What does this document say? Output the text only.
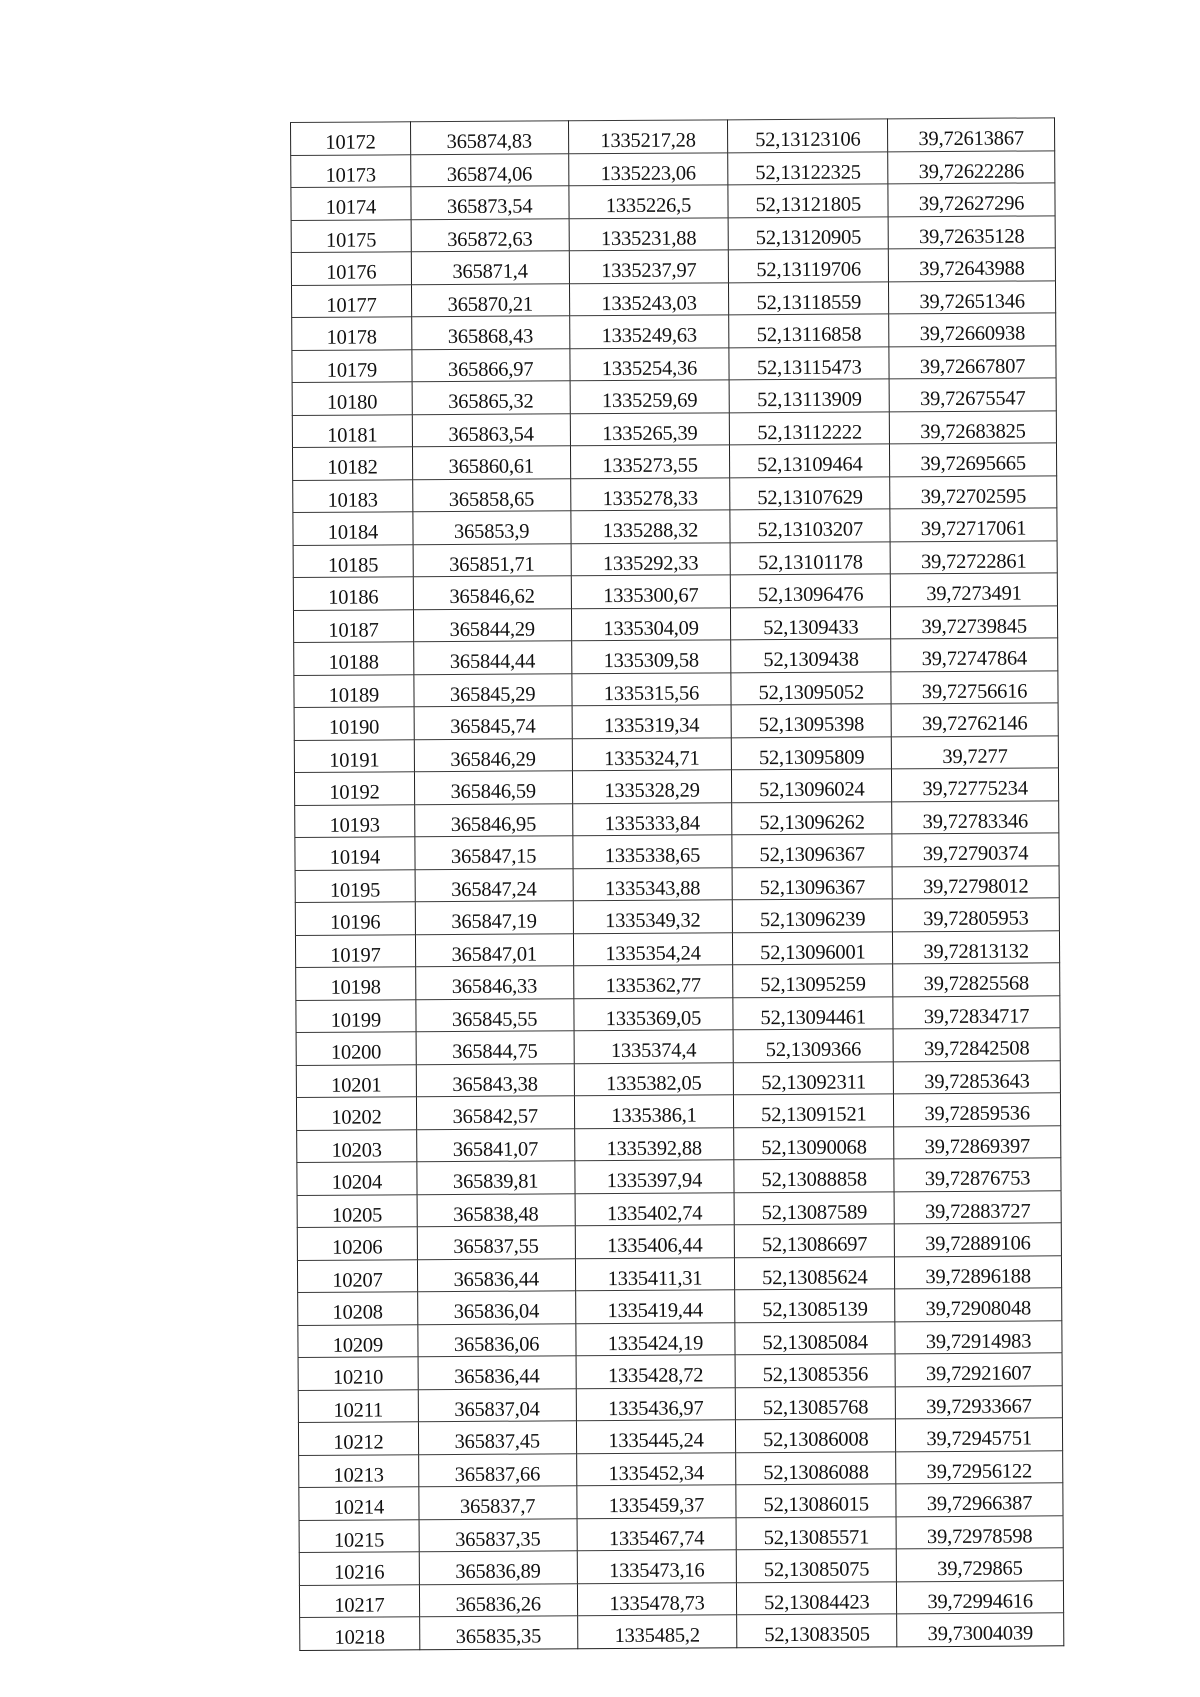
10172	365874,83	1335217,28	52,13123106	39,72613867
10173	365874,06	1335223,06	52,13122325	39,72622286
10174	365873,54	1335226,5	52,13121805	39,72627296
10175	365872,63	1335231,88	52,13120905	39,72635128
10176	365871,4	1335237,97	52,13119706	39,72643988
10177	365870,21	1335243,03	52,13118559	39,72651346
10178	365868,43	1335249,63	52,13116858	39,72660938
10179	365866,97	1335254,36	52,13115473	39,72667807
10180	365865,32	1335259,69	52,13113909	39,72675547
10181	365863,54	1335265,39	52,13112222	39,72683825
10182	365860,61	1335273,55	52,13109464	39,72695665
10183	365858,65	1335278,33	52,13107629	39,72702595
10184	365853,9	1335288,32	52,13103207	39,72717061
10185	365851,71	1335292,33	52,13101178	39,72722861
10186	365846,62	1335300,67	52,13096476	39,7273491
10187	365844,29	1335304,09	52,1309433	39,72739845
10188	365844,44	1335309,58	52,1309438	39,72747864
10189	365845,29	1335315,56	52,13095052	39,72756616
10190	365845,74	1335319,34	52,13095398	39,72762146
10191	365846,29	1335324,71	52,13095809	39,7277
10192	365846,59	1335328,29	52,13096024	39,72775234
10193	365846,95	1335333,84	52,13096262	39,72783346
10194	365847,15	1335338,65	52,13096367	39,72790374
10195	365847,24	1335343,88	52,13096367	39,72798012
10196	365847,19	1335349,32	52,13096239	39,72805953
10197	365847,01	1335354,24	52,13096001	39,72813132
10198	365846,33	1335362,77	52,13095259	39,72825568
10199	365845,55	1335369,05	52,13094461	39,72834717
10200	365844,75	1335374,4	52,1309366	39,72842508
10201	365843,38	1335382,05	52,13092311	39,72853643
10202	365842,57	1335386,1	52,13091521	39,72859536
10203	365841,07	1335392,88	52,13090068	39,72869397
10204	365839,81	1335397,94	52,13088858	39,72876753
10205	365838,48	1335402,74	52,13087589	39,72883727
10206	365837,55	1335406,44	52,13086697	39,72889106
10207	365836,44	1335411,31	52,13085624	39,72896188
10208	365836,04	1335419,44	52,13085139	39,72908048
10209	365836,06	1335424,19	52,13085084	39,72914983
10210	365836,44	1335428,72	52,13085356	39,72921607
10211	365837,04	1335436,97	52,13085768	39,72933667
10212	365837,45	1335445,24	52,13086008	39,72945751
10213	365837,66	1335452,34	52,13086088	39,72956122
10214	365837,7	1335459,37	52,13086015	39,72966387
10215	365837,35	1335467,74	52,13085571	39,72978598
10216	365836,89	1335473,16	52,13085075	39,729865
10217	365836,26	1335478,73	52,13084423	39,72994616
10218	365835,35	1335485,2	52,13083505	39,73004039
